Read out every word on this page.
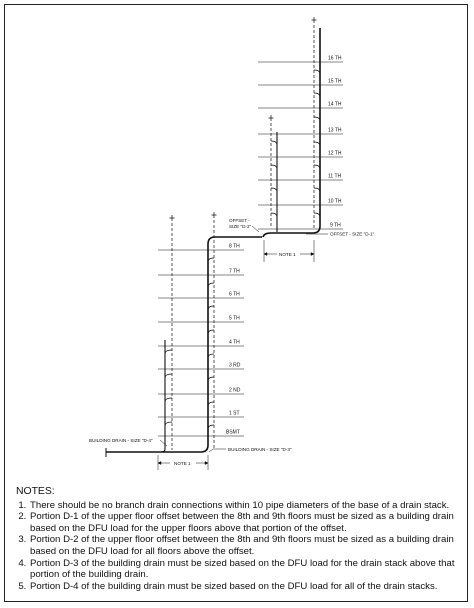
16 TH
15 TH
14 TH
13 TH
12 TH
11 TH
10 TH
9 TH
OFFSET -
SIZE "D-2"
OFFSET - SIZE "D-1"
NOTE 1
8 TH
7 TH
6 TH
5 TH
4 TH
3 RD
2 ND
1 ST
BSMT
BUILDING DRAIN - SIZE "D-4"
BUILDING DRAIN - SIZE "D-3"
NOTE 1
NOTES:
1. There should be no branch drain connections within 10 pipe diameters of the base of a drain stack.
2. Portion D-1 of the upper floor offset between the 8th and 9th floors must be sized as a building drain based on the DFU load for the upper floors above that portion of the offset.
3. Portion D-2 of the upper floor offset between the 8th and 9th floors must be sized as a building drain based on the DFU load for all floors above the offset.
4. Portion D-3 of the building drain must be sized based on the DFU load for the drain stack above that portion of the building drain.
5. Portion D-4 of the building drain must be sized based on the DFU load for all of the drain stacks.
